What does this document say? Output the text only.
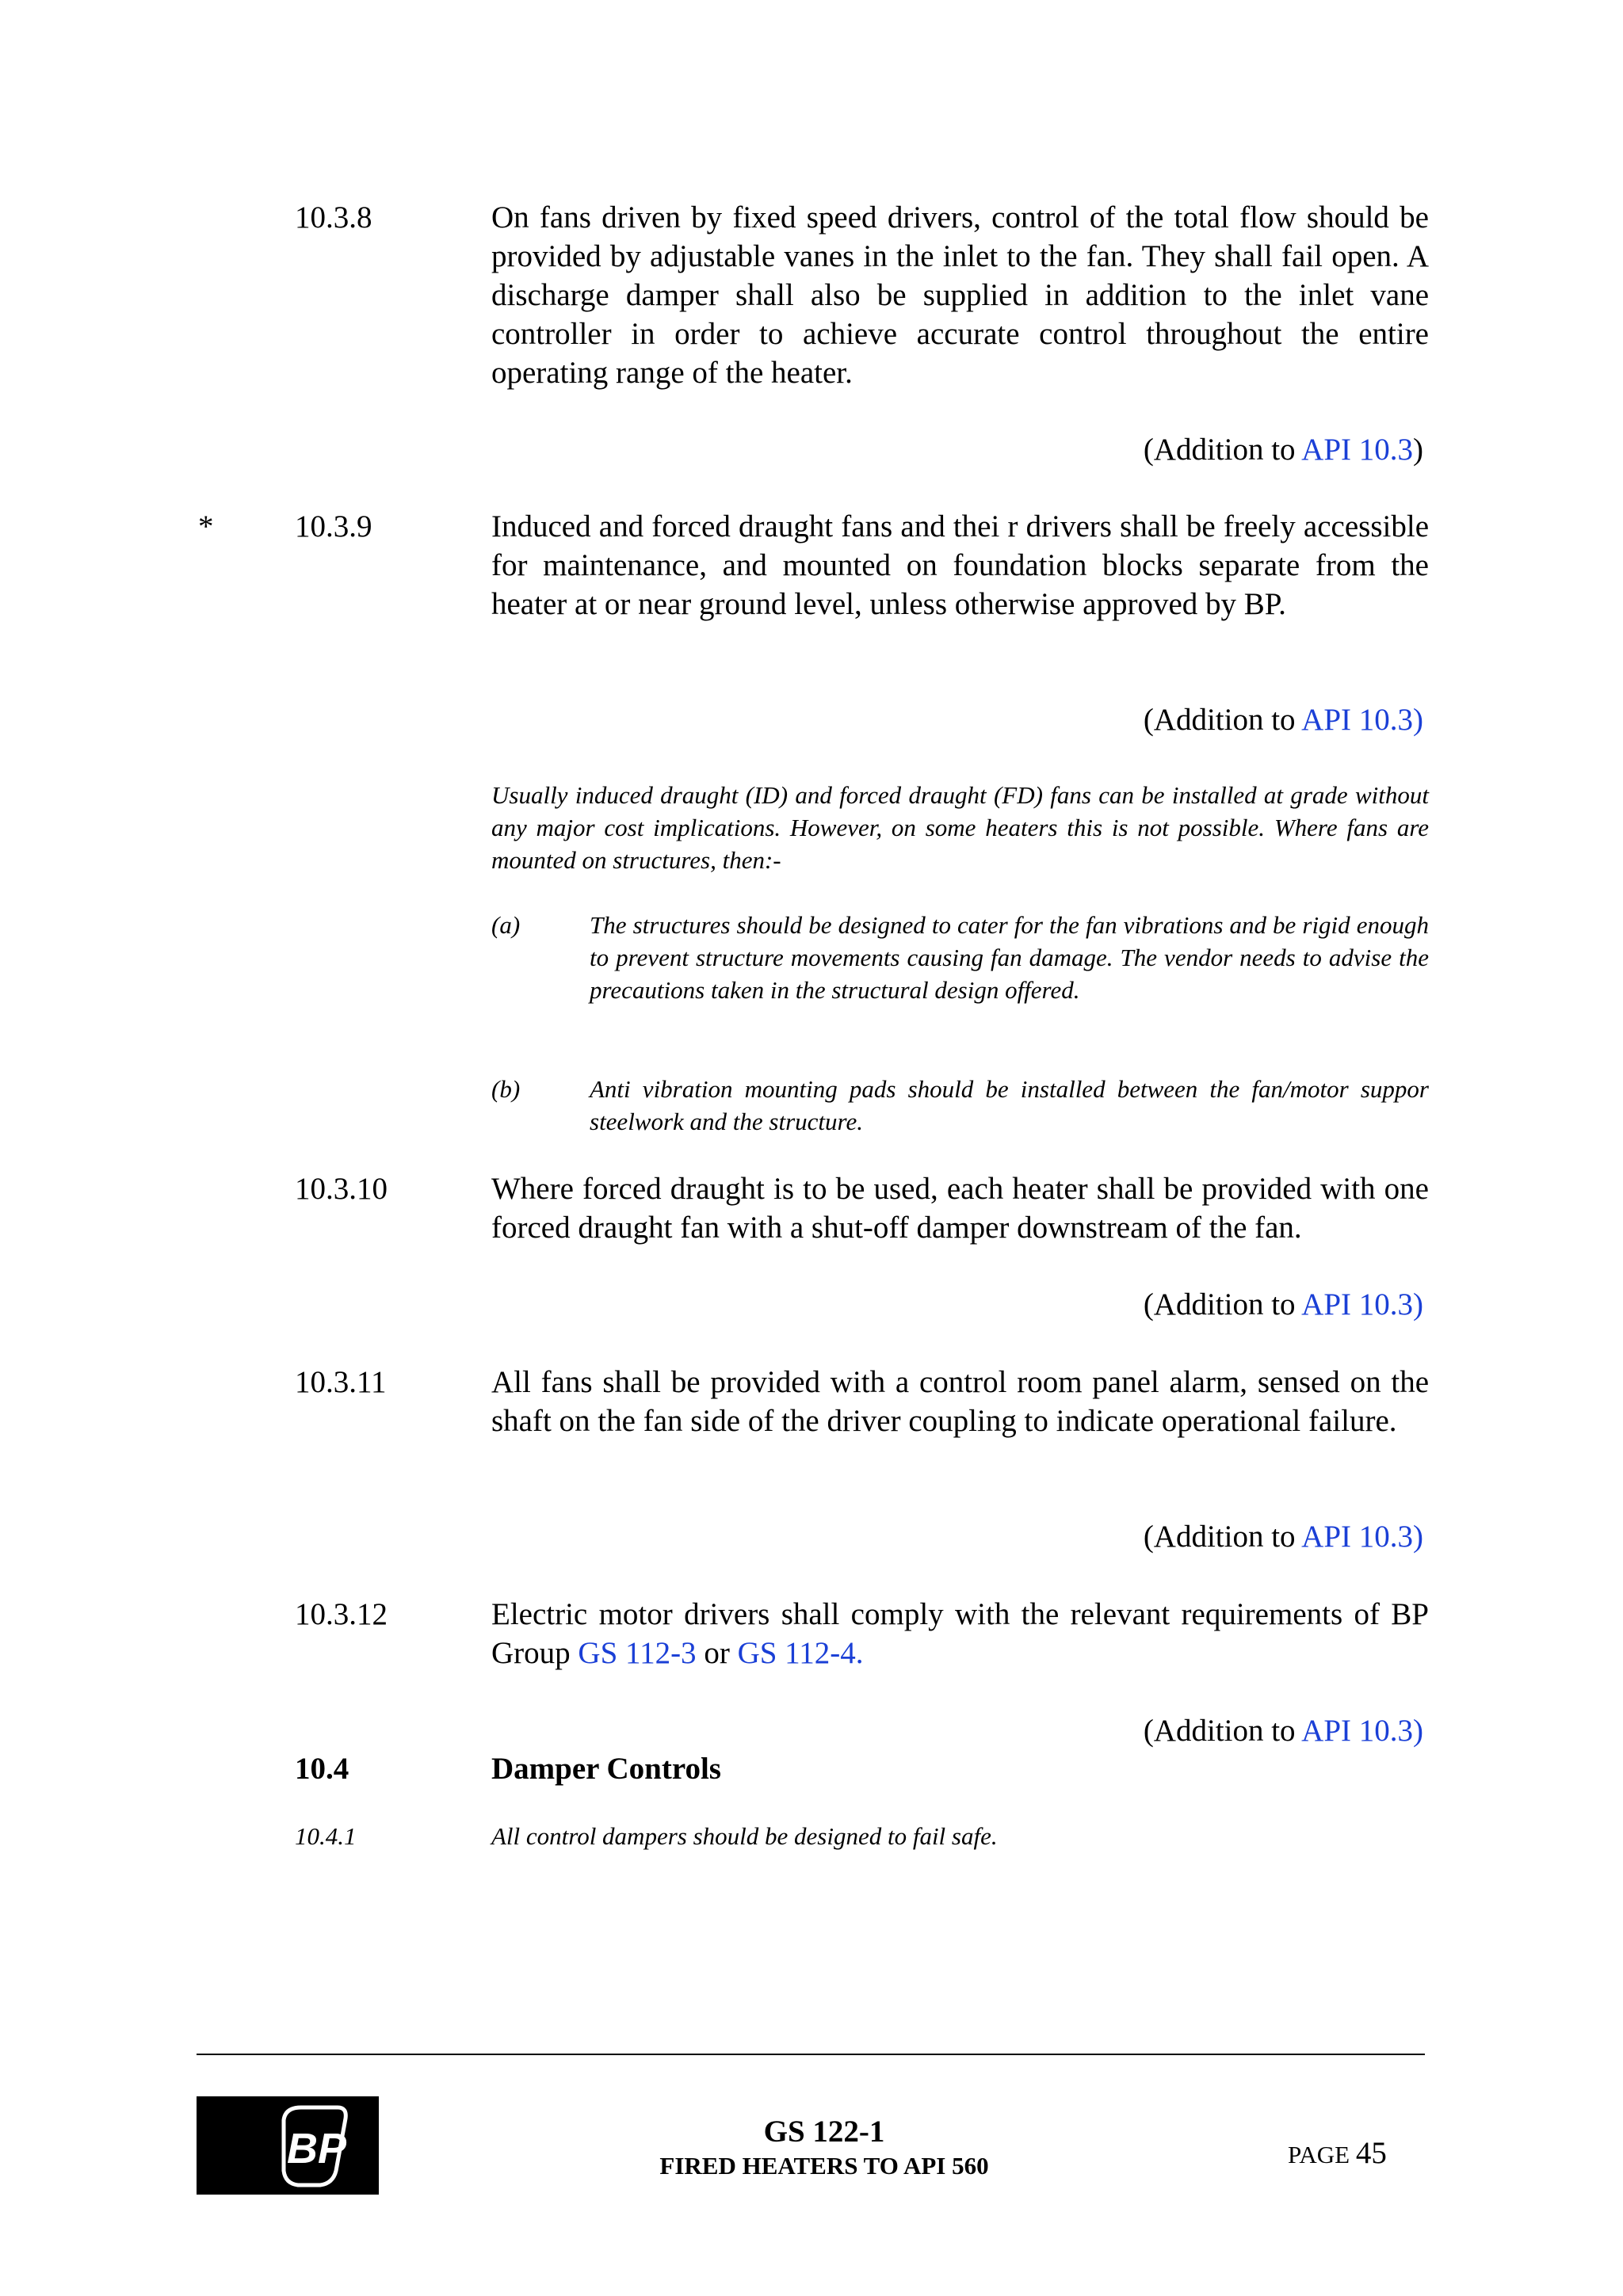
10.3.8	On fans driven by fixed speed drivers, control of the total flow should be provided by adjustable vanes in the inlet to the fan. They shall fail open. A discharge damper shall also be supplied in addition to the inlet vane controller in order to achieve accurate control throughout the entire operating range of the heater.

(Addition to API 10.3)
*	10.3.9	Induced and forced draught fans and thei r drivers shall be freely accessible for maintenance, and mounted on foundation blocks separate from the heater at or near ground level, unless otherwise approved by BP.

(Addition to API 10.3)
Usually induced draught (ID) and forced draught (FD) fans can be installed at grade without any major cost implications. However, on some heaters this is not possible. Where fans are mounted on structures, then:-
(a)	The structures should be designed to cater for the fan vibrations and be rigid enough to prevent structure movements causing fan damage. The vendor needs to advise the precautions taken in the structural design offered.
(b)	Anti vibration mounting pads should be installed between the fan/motor suppor steelwork and the structure.
10.3.10	Where forced draught is to be used, each heater shall be provided with one forced draught fan with a shut-off damper downstream of the fan.

(Addition to API 10.3)
10.3.11	All fans shall be provided with a control room panel alarm, sensed on the shaft on the fan side of the driver coupling to indicate operational failure.

(Addition to API 10.3)
10.3.12	Electric motor drivers shall comply with the relevant requirements of BP Group GS 112-3 or GS 112-4.

(Addition to API 10.3)
10.4	Damper Controls
10.4.1	All control dampers should be designed to fail safe.
BP	GS 122-1
FIRED HEATERS TO API 560	PAGE 45
